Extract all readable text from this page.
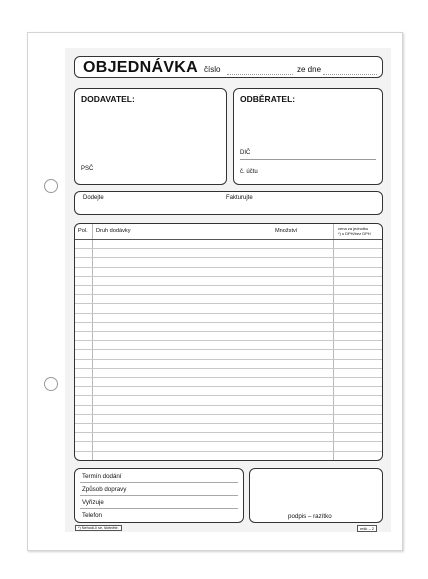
OBJEDNÁVKA číslo	ze dne
DODAVATEL:
PSČ
ODBĚRATEL:
DIČ
č. účtu
Dodejte	Fakturujte
Pol. Druh dodávky	Množství	cena za jednotku
*) s DPH/bez DPH
Termín dodání
Způsob dopravy
Vyřizuje
Telefon	podpis – razítko
*) Nehodí-li se, škrtněte.	mšk – 2
